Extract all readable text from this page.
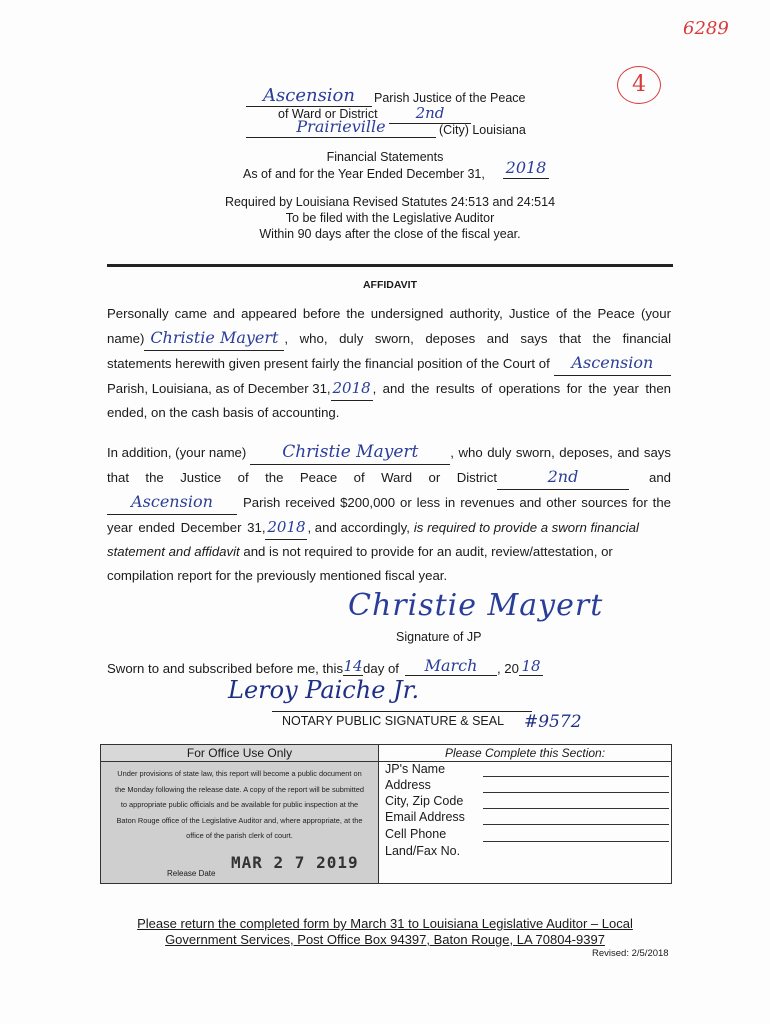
6289
4
Ascension	Parish Justice of the Peace
of Ward or District	2nd
Prairieville	(City) Louisiana
Financial Statements
As of and for the Year Ended December 31, 2018
Required by Louisiana Revised Statutes 24:513 and 24:514
To be filed with the Legislative Auditor
Within 90 days after the close of the fiscal year.
AFFIDAVIT
Personally came and appeared before the undersigned authority, Justice of the Peace (your
name) Christie Mayert , who, duly sworn, deposes and says that the financial
statements herewith given present fairly the financial position of the Court of	Ascension
Parish, Louisiana, as of December 31, 2018 , and the results of operations for the year then
ended, on the cash basis of accounting.
In addition, (your name)	Christie Mayert	, who duly sworn, deposes, and says
that the Justice of the Peace of Ward or District	2nd	and
Ascension	Parish received $200,000 or less in revenues and other sources for the
year ended December 31, 2018 , and accordingly, is required to provide a sworn financial
statement and affidavit and is not required to provide for an audit, review/attestation, or
compilation report for the previously mentioned fiscal year.
Christie Mayert
Signature of JP
Sworn to and subscribed before me, this 14 day of	March	, 20 18
Leroy Paiche Jr.
NOTARY PUBLIC SIGNATURE & SEAL #9572
For Office Use Only
Under provisions of state law, this report will become a public document on the Monday following the release date. A copy of the report will be submitted to appropriate public officials and be available for public inspection at the Baton Rouge office of the Legislative Auditor and, where appropriate, at the office of the parish clerk of court.
MAR 2 7 2019
Release Date
Please Complete this Section:
JP's Name
Address
City, Zip Code
Email Address
Cell Phone
Land/Fax No.
Please return the completed form by March 31 to Louisiana Legislative Auditor – Local
Government Services, Post Office Box 94397, Baton Rouge, LA 70804-9397
Revised: 2/5/2018
